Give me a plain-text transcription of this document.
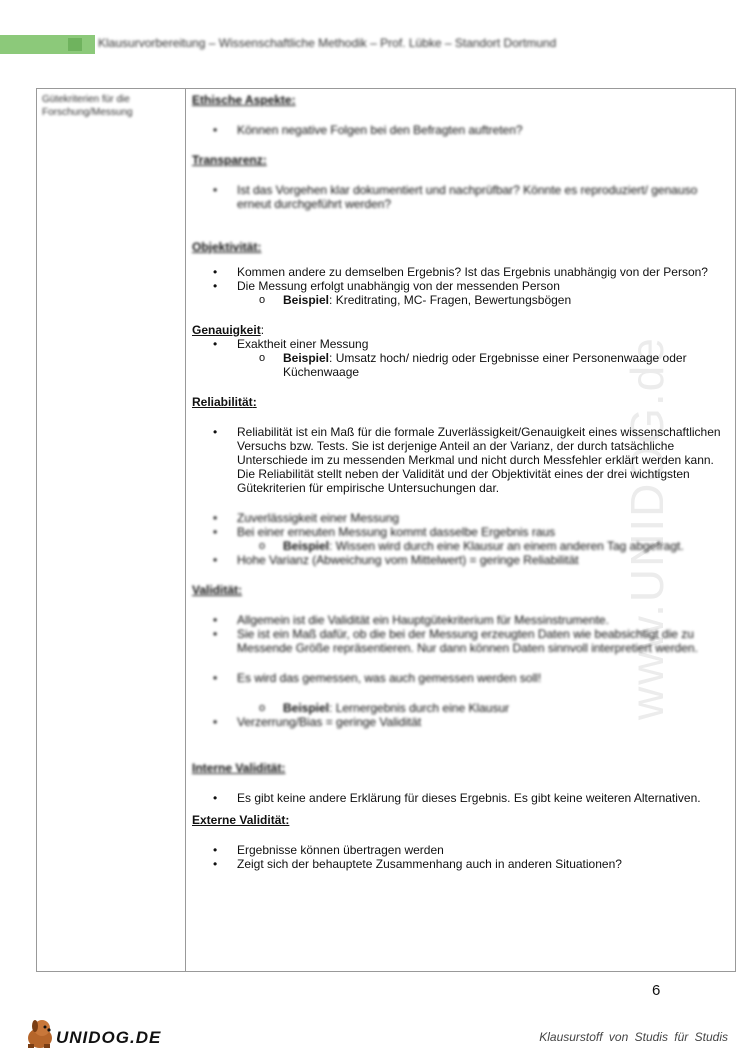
Klausurvorbereitung – Wissenschaftliche Methodik – Prof. Lübke – Standort Dortmund
www.UNIDOG.de
Gütekriterien für die Forschung/Messung
Ethische Aspekte:
• Können negative Folgen bei den Befragten auftreten?
Transparenz:
• Ist das Vorgehen klar dokumentiert und nachprüfbar? Könnte es reproduziert/ genauso erneut durchgeführt werden?
Objektivität:
• Kommen andere zu demselben Ergebnis? Ist das Ergebnis unabhängig von der Person?
• Die Messung erfolgt unabhängig von der messenden Person
o Beispiel: Kreditrating, MC- Fragen, Bewertungsbögen
Genauigkeit:
• Exaktheit einer Messung
o Beispiel: Umsatz hoch/ niedrig oder Ergebnisse einer Personenwaage oder Küchenwaage
Reliabilität:
• Reliabilität ist ein Maß für die formale Zuverlässigkeit/Genauigkeit eines wissenschaftlichen Versuchs bzw. Tests. Sie ist derjenige Anteil an der Varianz, der durch tatsächliche Unterschiede im zu messenden Merkmal und nicht durch Messfehler erklärt werden kann. Die Reliabilität stellt neben der Validität und der Objektivität eines der drei wichtigsten Gütekriterien für empirische Untersuchungen dar.
• Zuverlässigkeit einer Messung
• Bei einer erneuten Messung kommt dasselbe Ergebnis raus
o Beispiel: Wissen wird durch eine Klausur an einem anderen Tag abgefragt.
• Hohe Varianz (Abweichung vom Mittelwert) = geringe Reliabilität
Validität:
• Allgemein ist die Validität ein Hauptgütekriterium für Messinstrumente.
• Sie ist ein Maß dafür, ob die bei der Messung erzeugten Daten wie beabsichtigt die zu Messende Größe repräsentieren. Nur dann können Daten sinnvoll interpretiert werden.
• Es wird das gemessen, was auch gemessen werden soll!
o Beispiel: Lernergebnis durch eine Klausur
• Verzerrung/Bias = geringe Validität
Interne Validität:
• Es gibt keine andere Erklärung für dieses Ergebnis. Es gibt keine weiteren Alternativen.
Externe Validität:
• Ergebnisse können übertragen werden
• Zeigt sich der behauptete Zusammenhang auch in anderen Situationen?
6
UNIDOG.DE	Klausurstoff von Studis für Studis
